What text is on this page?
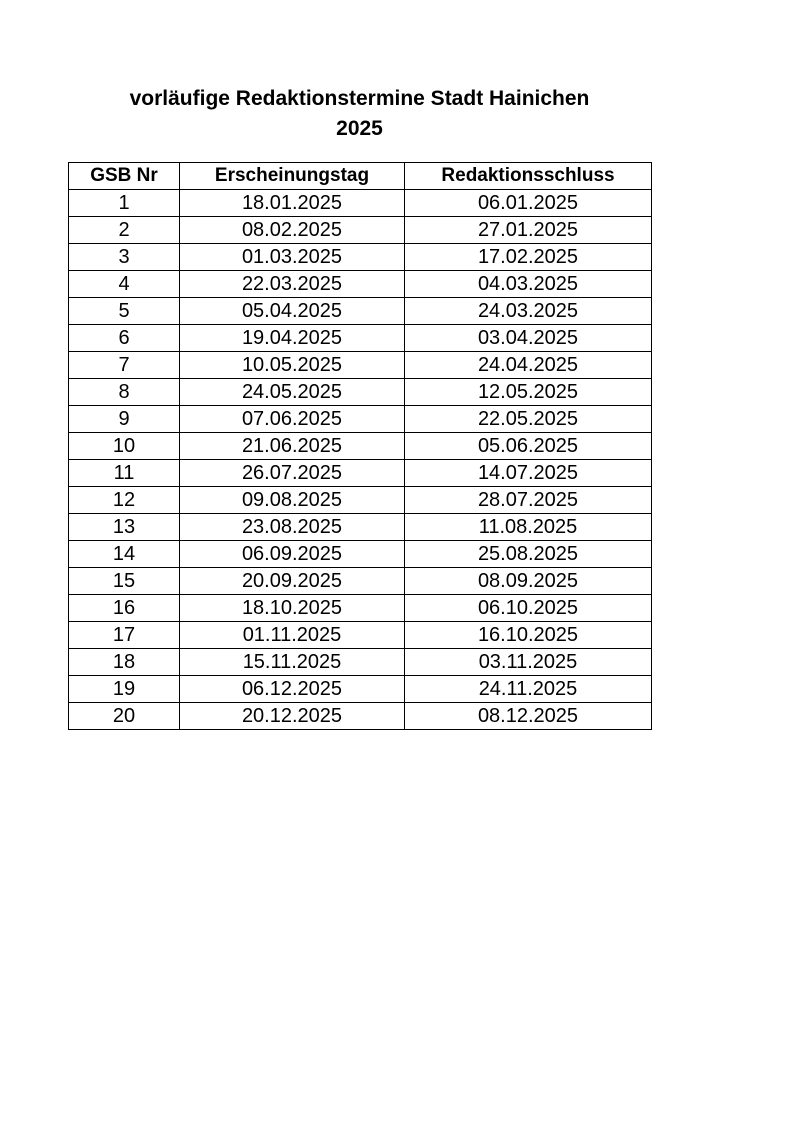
vorläufige Redaktionstermine Stadt Hainichen
2025
GSB Nr	Erscheinungstag	Redaktionsschluss
1	18.01.2025	06.01.2025
2	08.02.2025	27.01.2025
3	01.03.2025	17.02.2025
4	22.03.2025	04.03.2025
5	05.04.2025	24.03.2025
6	19.04.2025	03.04.2025
7	10.05.2025	24.04.2025
8	24.05.2025	12.05.2025
9	07.06.2025	22.05.2025
10	21.06.2025	05.06.2025
11	26.07.2025	14.07.2025
12	09.08.2025	28.07.2025
13	23.08.2025	11.08.2025
14	06.09.2025	25.08.2025
15	20.09.2025	08.09.2025
16	18.10.2025	06.10.2025
17	01.11.2025	16.10.2025
18	15.11.2025	03.11.2025
19	06.12.2025	24.11.2025
20	20.12.2025	08.12.2025
